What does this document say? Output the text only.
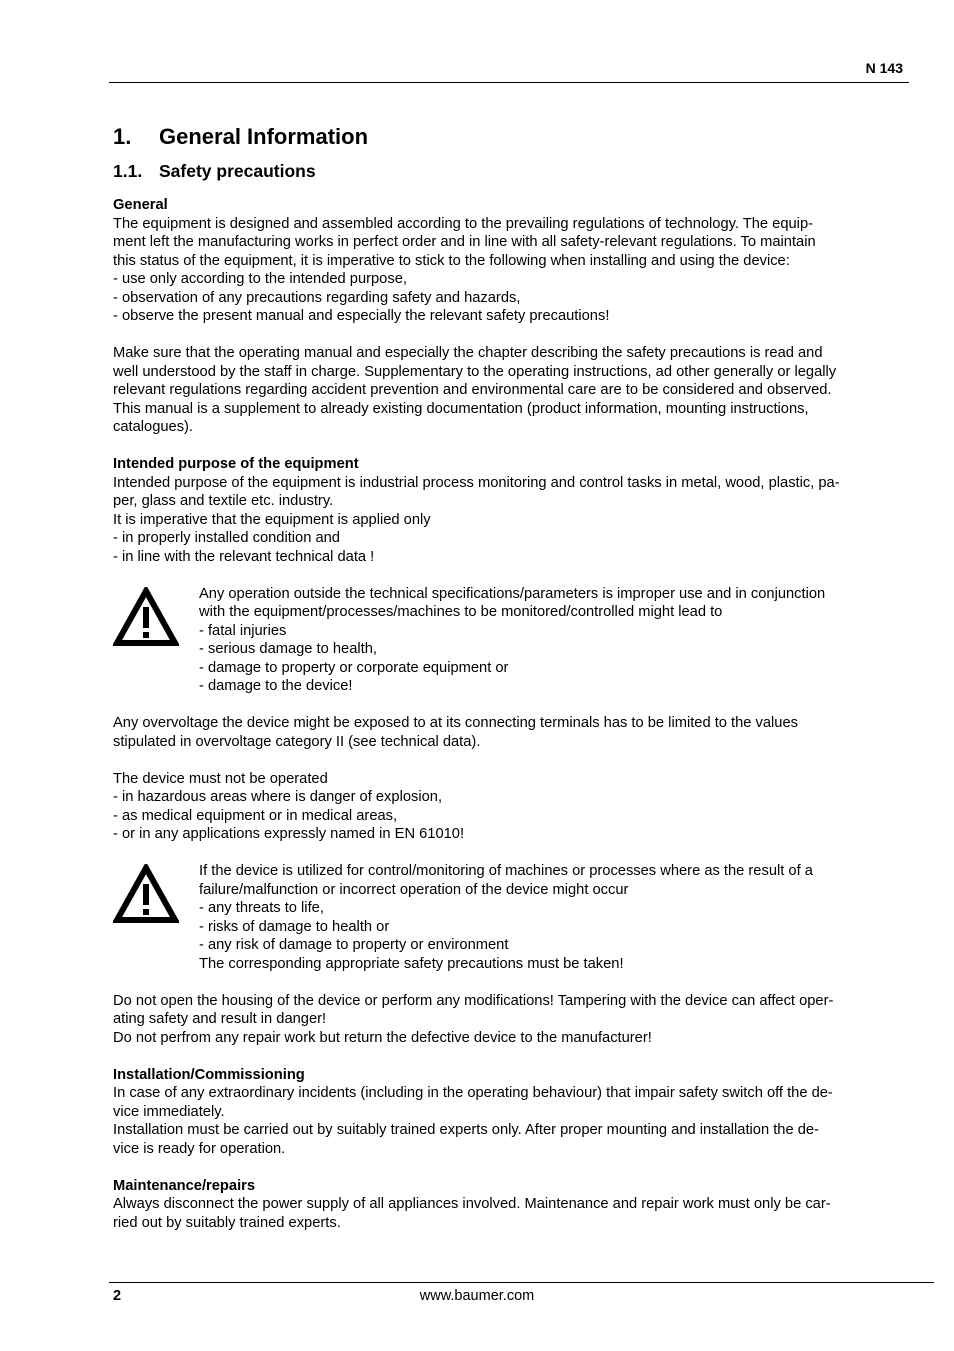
N 143
1. General Information
1.1. Safety precautions

General

The equipment is designed and assembled according to the prevailing regulations of technology. The equip-

ment left the manufacturing works in perfect order and in line with all safety-relevant regulations. To maintain

this status of the equipment, it is imperative to stick to the following when installing and using the device:

- use only according to the intended purpose,

- observation of any precautions regarding safety and hazards,

- observe the present manual and especially the relevant safety precautions!

Make sure that the operating manual and especially the chapter describing the safety precautions is read and

well understood by the staff in charge. Supplementary to the operating instructions, ad other generally or legally

relevant regulations regarding accident prevention and environmental care are to be considered and observed.

This manual is a supplement to already existing documentation (product information, mounting instructions,

catalogues).

Intended purpose of the equipment

Intended purpose of the equipment is industrial process monitoring and control tasks in metal, wood, plastic, pa-

per, glass and textile etc. industry.

It is imperative that the equipment is applied only

- in properly installed condition and

- in line with the relevant technical data !

Any operation outside the technical specifications/parameters is improper use and in conjunction

with the equipment/processes/machines to be monitored/controlled might lead to

- fatal injuries

- serious damage to health,

- damage to property or corporate equipment or

- damage to the device!

Any overvoltage the device might be exposed to at its connecting terminals has to be limited to the values

stipulated in overvoltage category II (see technical data).

The device must not be operated

- in hazardous areas where is danger of explosion,

- as medical equipment or in medical areas,

- or in any applications expressly named in EN 61010!

If the device is utilized for control/monitoring of machines or processes where as the result of a

failure/malfunction or incorrect operation of the device might occur

- any threats to life,

- risks of damage to health or

- any risk of damage to property or environment

The corresponding appropriate safety precautions must be taken!

Do not open the housing of the device or perform any modifications! Tampering with the device can affect oper-

ating safety and result in danger!

Do not perfrom any repair work but return the defective device to the manufacturer!

Installation/Commissioning

In case of any extraordinary incidents (including in the operating behaviour) that impair safety switch off the de-

vice immediately.

Installation must be carried out by suitably trained experts only. After proper mounting and installation the de-

vice is ready for operation.

Maintenance/repairs

Always disconnect the power supply of all appliances involved. Maintenance and repair work must only be car-

ried out by suitably trained experts.

2	www.baumer.com
